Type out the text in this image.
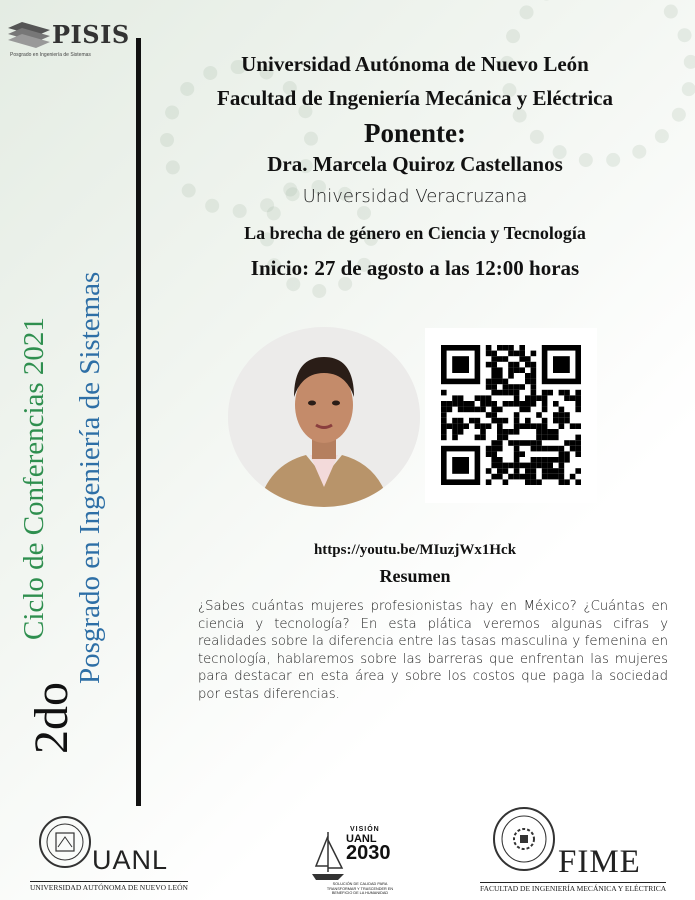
PISIS
Posgrado en Ingeniería de Sistemas
2do
Ciclo de Conferencias 2021 Posgrado en Ingeniería de Sistemas
Universidad Autónoma de Nuevo León
Facultad de Ingeniería Mecánica y Eléctrica
Ponente:
Dra. Marcela Quiroz Castellanos
Universidad Veracruzana
La brecha de género en Ciencia y Tecnología
Inicio: 27 de agosto a las 12:00 horas
https://youtu.be/MIuzjWx1Hck
Resumen
¿Sabes cuántas mujeres profesionistas hay en México? ¿Cuántas en ciencia y tecnología? En esta plática veremos algunas cifras y realidades sobre la diferencia entre las tasas masculina y femenina en tecnología, hablaremos sobre las barreras que enfrentan las mujeres para destacar en esta área y sobre los costos que paga la sociedad por estas diferencias.
UANL
UNIVERSIDAD AUTÓNOMA DE NUEVO LEÓN
VISIÓN
UANL
2030
SOLUCIÓN DE CALIDAD PARA TRANSFORMAR Y TRASCENDER EN BENEFICIO DE LA HUMANIDAD
FIME
FACULTAD DE INGENIERÍA MECÁNICA Y ELÉCTRICA
